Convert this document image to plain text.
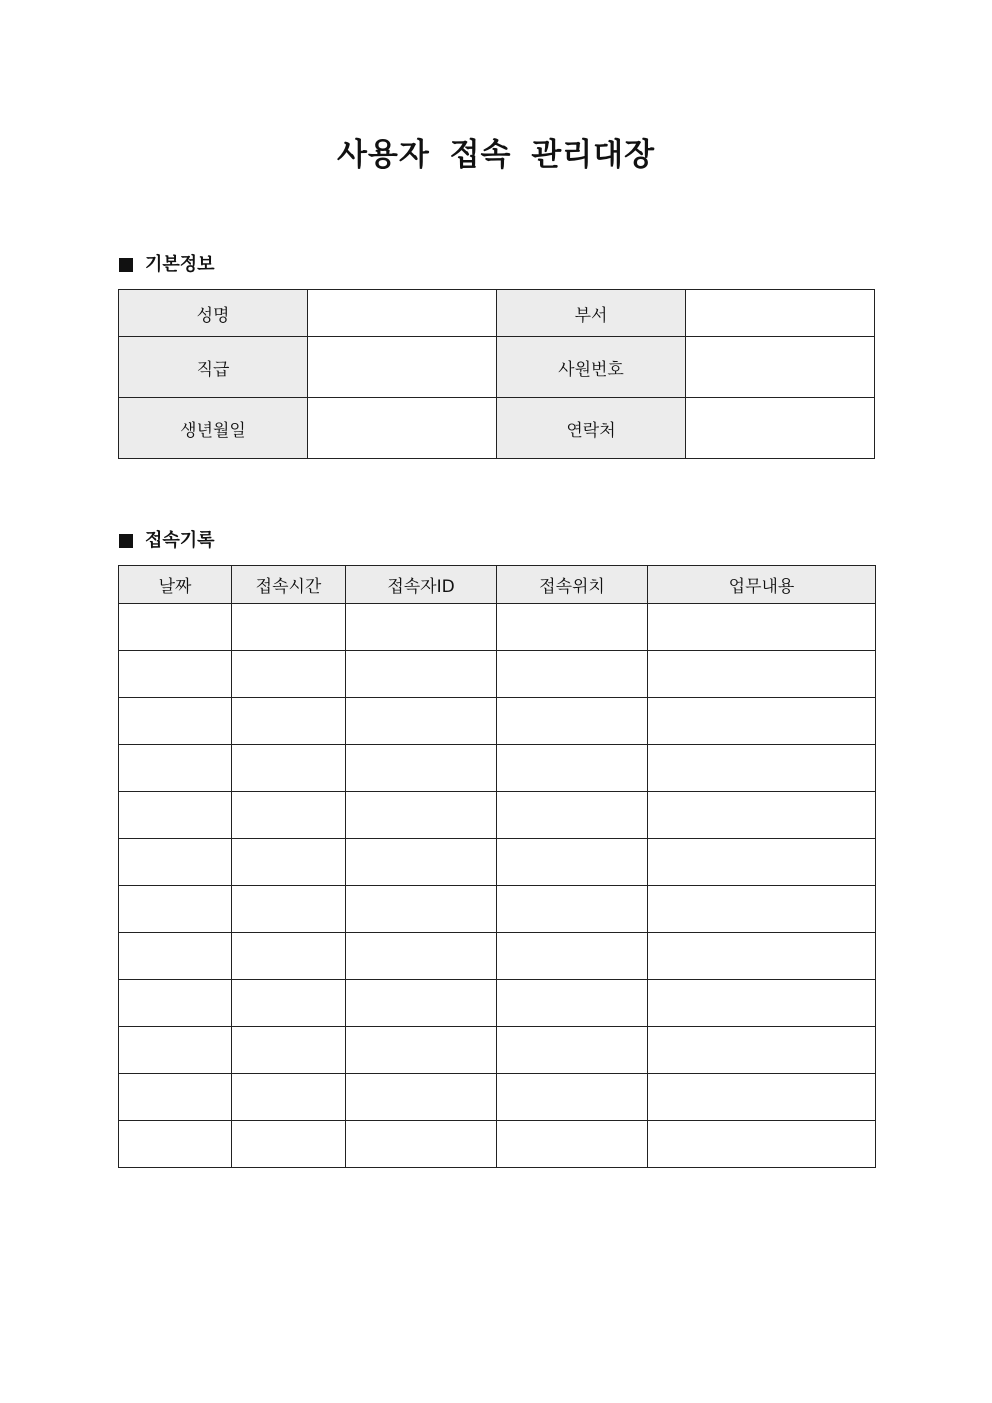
사용자 접속 관리대장
기본정보
성명		부서	
직급		사원번호	
생년월일		연락처	
접속기록
날짜	접속시간	접속자ID	접속위치	업무내용
